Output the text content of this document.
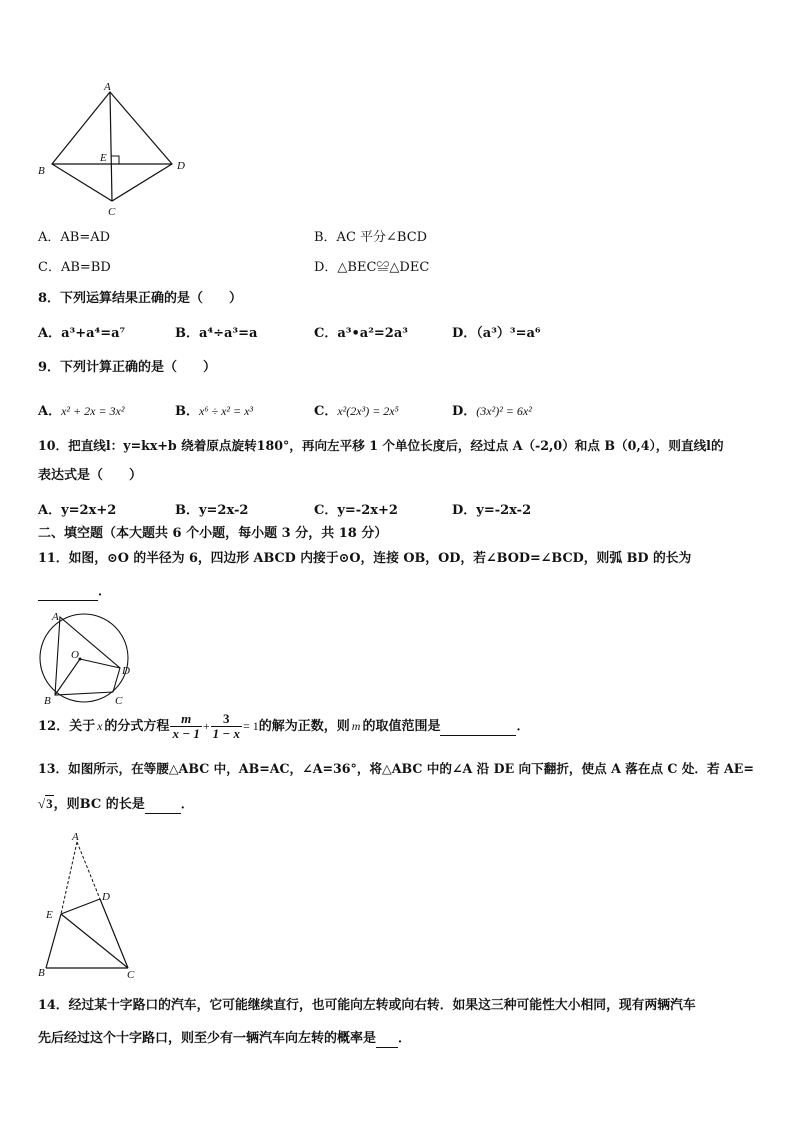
A
B
C
D
E
A．AB=AD	B．AC 平分∠BCD
C．AB=BD	D．△BEC≌△DEC
8．下列运算结果正确的是（　　）
A．a³+a⁴=a⁷	B．a⁴÷a³=a	C．a³•a²=2a³	D．（a³）³=a⁶
9．下列计算正确的是（　　）
A．x² + 2x = 3x²	B．x⁶ ÷ x² = x³	C．x²(2x³) = 2x⁵	D．(3x²)² = 6x²
10．把直线l：y=kx+b 绕着原点旋转180°，再向左平移 1 个单位长度后，经过点 A（-2,0）和点 B（0,4），则直线l的
表达式是（　　）
A．y=2x+2	B．y=2x-2	C．y=-2x+2	D．y=-2x-2
二、填空题（本大题共 6 个小题，每小题 3 分，共 18 分）
11．如图，⊙O 的半径为 6，四边形 ABCD 内接于⊙O，连接 OB，OD，若∠BOD=∠BCD，则弧 BD 的长为
．
A
O
D
B	C
12．关于 x 的分式方程 $\frac{m}{x - 1} + \frac{3}{1 - x} = 1$的解为正数，则 m 的取值范围是	．
13．如图所示，在等腰△ABC 中，AB=AC，∠A=36°，将△ABC 中的∠A 沿 DE 向下翻折，使点 A 落在点 C 处．若 AE=
√3，则BC 的长是	．
A
D
E
B	C
14．经过某十字路口的汽车，它可能继续直行，也可能向左转或向右转．如果这三种可能性大小相同，现有两辆汽车
先后经过这个十字路口，则至少有一辆汽车向左转的概率是 ．
